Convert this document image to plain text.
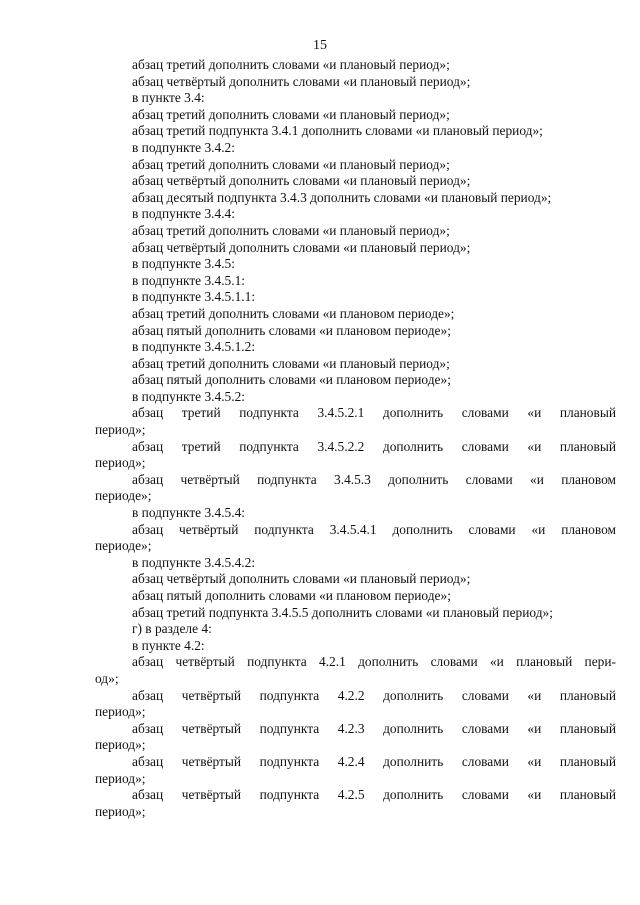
15

абзац третий дополнить словами «и плановый период»;

абзац четвёртый дополнить словами «и плановый период»;

в пункте 3.4:

абзац третий дополнить словами «и плановый период»;

абзац третий подпункта 3.4.1 дополнить словами «и плановый период»;

в подпункте 3.4.2:

абзац третий дополнить словами «и плановый период»;

абзац четвёртый дополнить словами «и плановый период»;

абзац десятый подпункта 3.4.3 дополнить словами «и плановый период»;

в подпункте 3.4.4:

абзац третий дополнить словами «и плановый период»;

абзац четвёртый дополнить словами «и плановый период»;

в подпункте 3.4.5:

в подпункте 3.4.5.1:

в подпункте 3.4.5.1.1:

абзац третий дополнить словами «и плановом периоде»;

абзац пятый дополнить словами «и плановом периоде»;

в подпункте 3.4.5.1.2:

абзац третий дополнить словами «и плановый период»;

абзац пятый дополнить словами «и плановом периоде»;

в подпункте 3.4.5.2:

абзац третий подпункта 3.4.5.2.1 дополнить словами «и плановый
период»;
абзац третий подпункта 3.4.5.2.2 дополнить словами «и плановый
период»;
абзац четвёртый подпункта 3.4.5.3 дополнить словами «и плановом
периоде»;

в подпункте 3.4.5.4:

абзац четвёртый подпункта 3.4.5.4.1 дополнить словами «и плановом
периоде»;

в подпункте 3.4.5.4.2:

абзац четвёртый дополнить словами «и плановый период»;

абзац пятый дополнить словами «и плановом периоде»;

абзац третий подпункта 3.4.5.5 дополнить словами «и плановый период»;

г) в разделе 4:

в пункте 4.2:

абзац четвёртый подпункта 4.2.1 дополнить словами «и плановый пери-
од»;
абзац четвёртый подпункта 4.2.2 дополнить словами «и плановый
период»;
абзац четвёртый подпункта 4.2.3 дополнить словами «и плановый
период»;
абзац четвёртый подпункта 4.2.4 дополнить словами «и плановый
период»;
абзац четвёртый подпункта 4.2.5 дополнить словами «и плановый
период»;
